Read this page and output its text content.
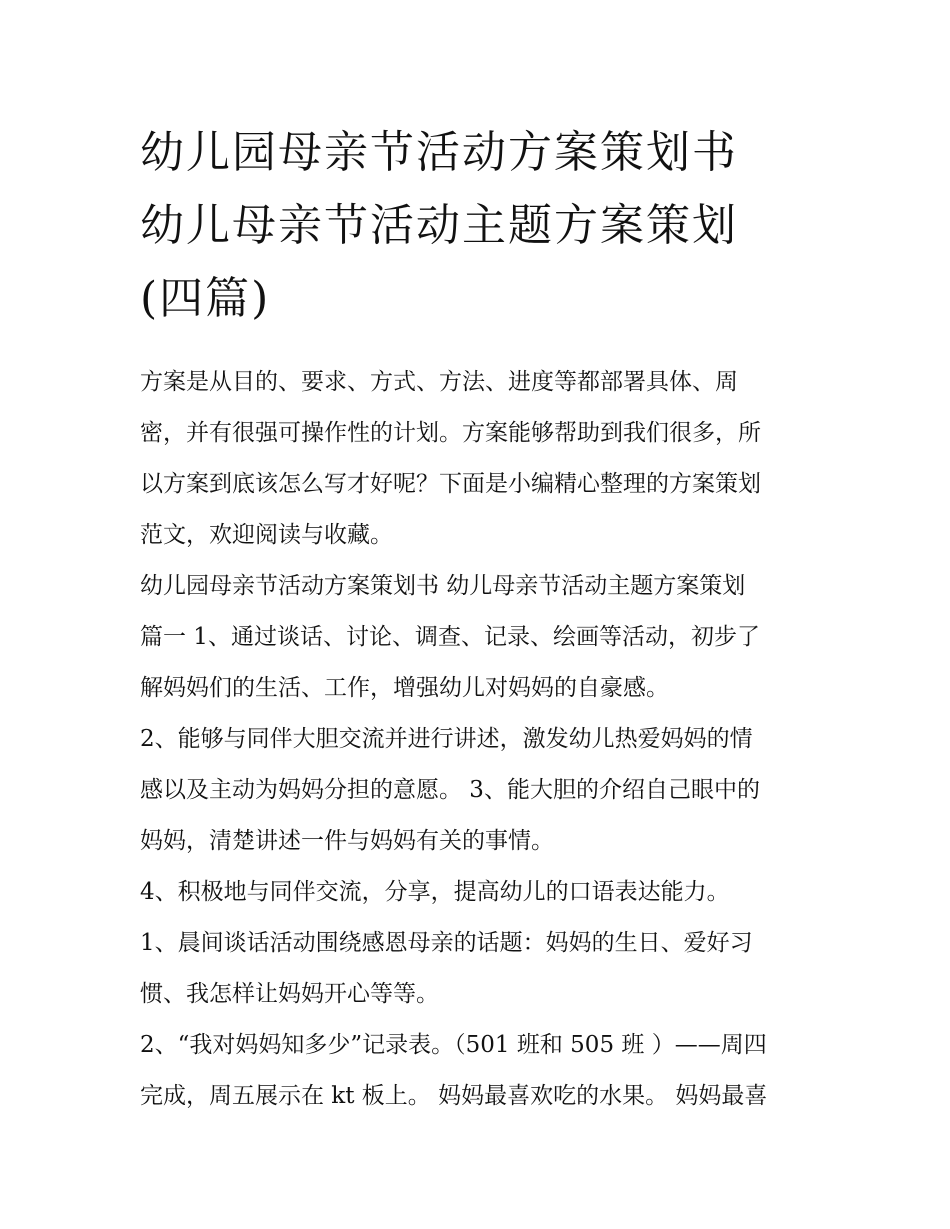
幼儿园母亲节活动方案策划书
幼儿母亲节活动主题方案策划
(四篇)

方案是从目的、要求、方式、方法、进度等都部署具体、周
密，并有很强可操作性的计划。方案能够帮助到我们很多，所
以方案到底该怎么写才好呢？下面是小编精心整理的方案策划
范文，欢迎阅读与收藏。

幼儿园母亲节活动方案策划书 幼儿母亲节活动主题方案策划
篇一 1、通过谈话、讨论、调查、记录、绘画等活动，初步了
解妈妈们的生活、工作，增强幼儿对妈妈的自豪感。

2、能够与同伴大胆交流并进行讲述，激发幼儿热爱妈妈的情
感以及主动为妈妈分担的意愿。 3、能大胆的介绍自己眼中的
妈妈，清楚讲述一件与妈妈有关的事情。

4、积极地与同伴交流，分享，提高幼儿的口语表达能力。

1、晨间谈话活动围绕感恩母亲的话题：妈妈的生日、爱好习
惯、我怎样让妈妈开心等等。

2、“我对妈妈知多少”记录表。（501 班和 505 班 ）——周四
完成，周五展示在 kt 板上。 妈妈最喜欢吃的水果。 妈妈最喜
